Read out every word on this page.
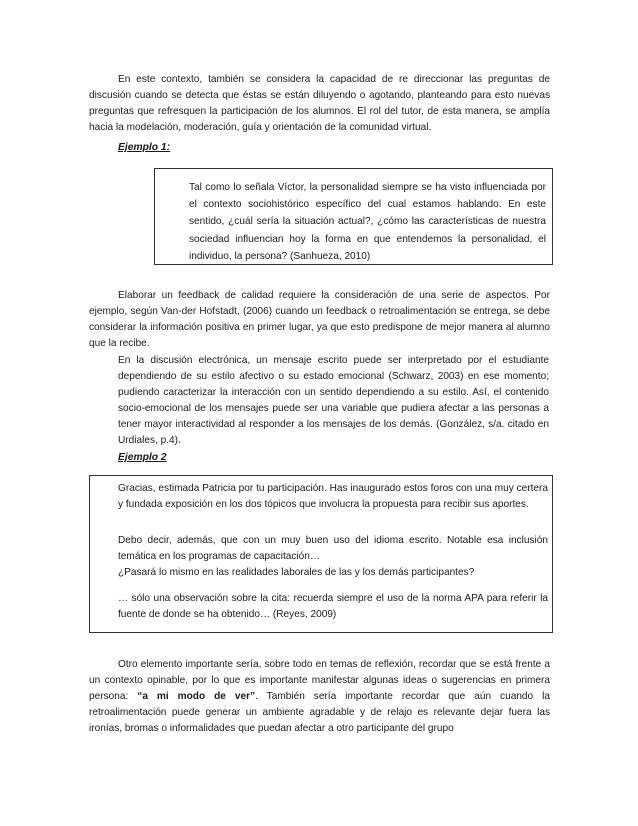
En este contexto, también se considera la capacidad de re direccionar las preguntas de discusión cuando se detecta que éstas se están diluyendo o agotando, planteando para esto nuevas preguntas que refresquen la participación de los alumnos. El rol del tutor, de esta manera, se amplía hacia la modelación, moderación, guía y orientación de la comunidad virtual.

Ejemplo 1:

Tal como lo señala Víctor, la personalidad siempre se ha visto influenciada por el contexto sociohistórico específico del cual estamos hablando. En este sentido, ¿cuál sería la situación actual?, ¿cómo las características de nuestra sociedad influencian hoy la forma en que entendemos la personalidad, el individuo, la persona? (Sanhueza, 2010)

Elaborar un feedback de calidad requiere la consideración de una serie de aspectos. Por ejemplo, según Van-der Hofstadt, (2006) cuando un feedback o retroalimentación se entrega, se debe considerar la información positiva en primer lugar, ya que esto predispone de mejor manera al alumno que la recibe.

En la discusión electrónica, un mensaje escrito puede ser interpretado por el estudiante dependiendo de su estilo afectivo o su estado emocional (Schwarz, 2003) en ese momento; pudiendo caracterizar la interacción con un sentido dependiendo a su estilo. Así, el contenido socio-emocional de los mensajes puede ser una variable que pudiera afectar a las personas a tener mayor interactividad al responder a los mensajes de los demás. (González, s/a. citado en Urdiales, p.4).

Ejemplo 2

Gracias, estimada Patricia por tu participación. Has inaugurado estos foros con una muy certera y fundada exposición en los dos tópicos que involucra la propuesta para recibir sus aportes.

Debo decir, además, que con un muy buen uso del idioma escrito. Notable esa inclusión temática en los programas de capacitación…

¿Pasará lo mismo en las realidades laborales de las y los demás participantes?

… sólo una observación sobre la cita: recuerda siempre el uso de la norma APA para referir la fuente de donde se ha obtenido… (Reyes, 2009)

Otro elemento importante sería, sobre todo en temas de reflexión, recordar que se está frente a un contexto opinable, por lo que es importante manifestar algunas ideas o sugerencias en primera persona: “a mi modo de ver”. También sería importante recordar que aún cuando la retroalimentación puede generar un ambiente agradable y de relajo es relevante dejar fuera las ironías, bromas o informalidades que puedan afectar a otro participante del grupo
